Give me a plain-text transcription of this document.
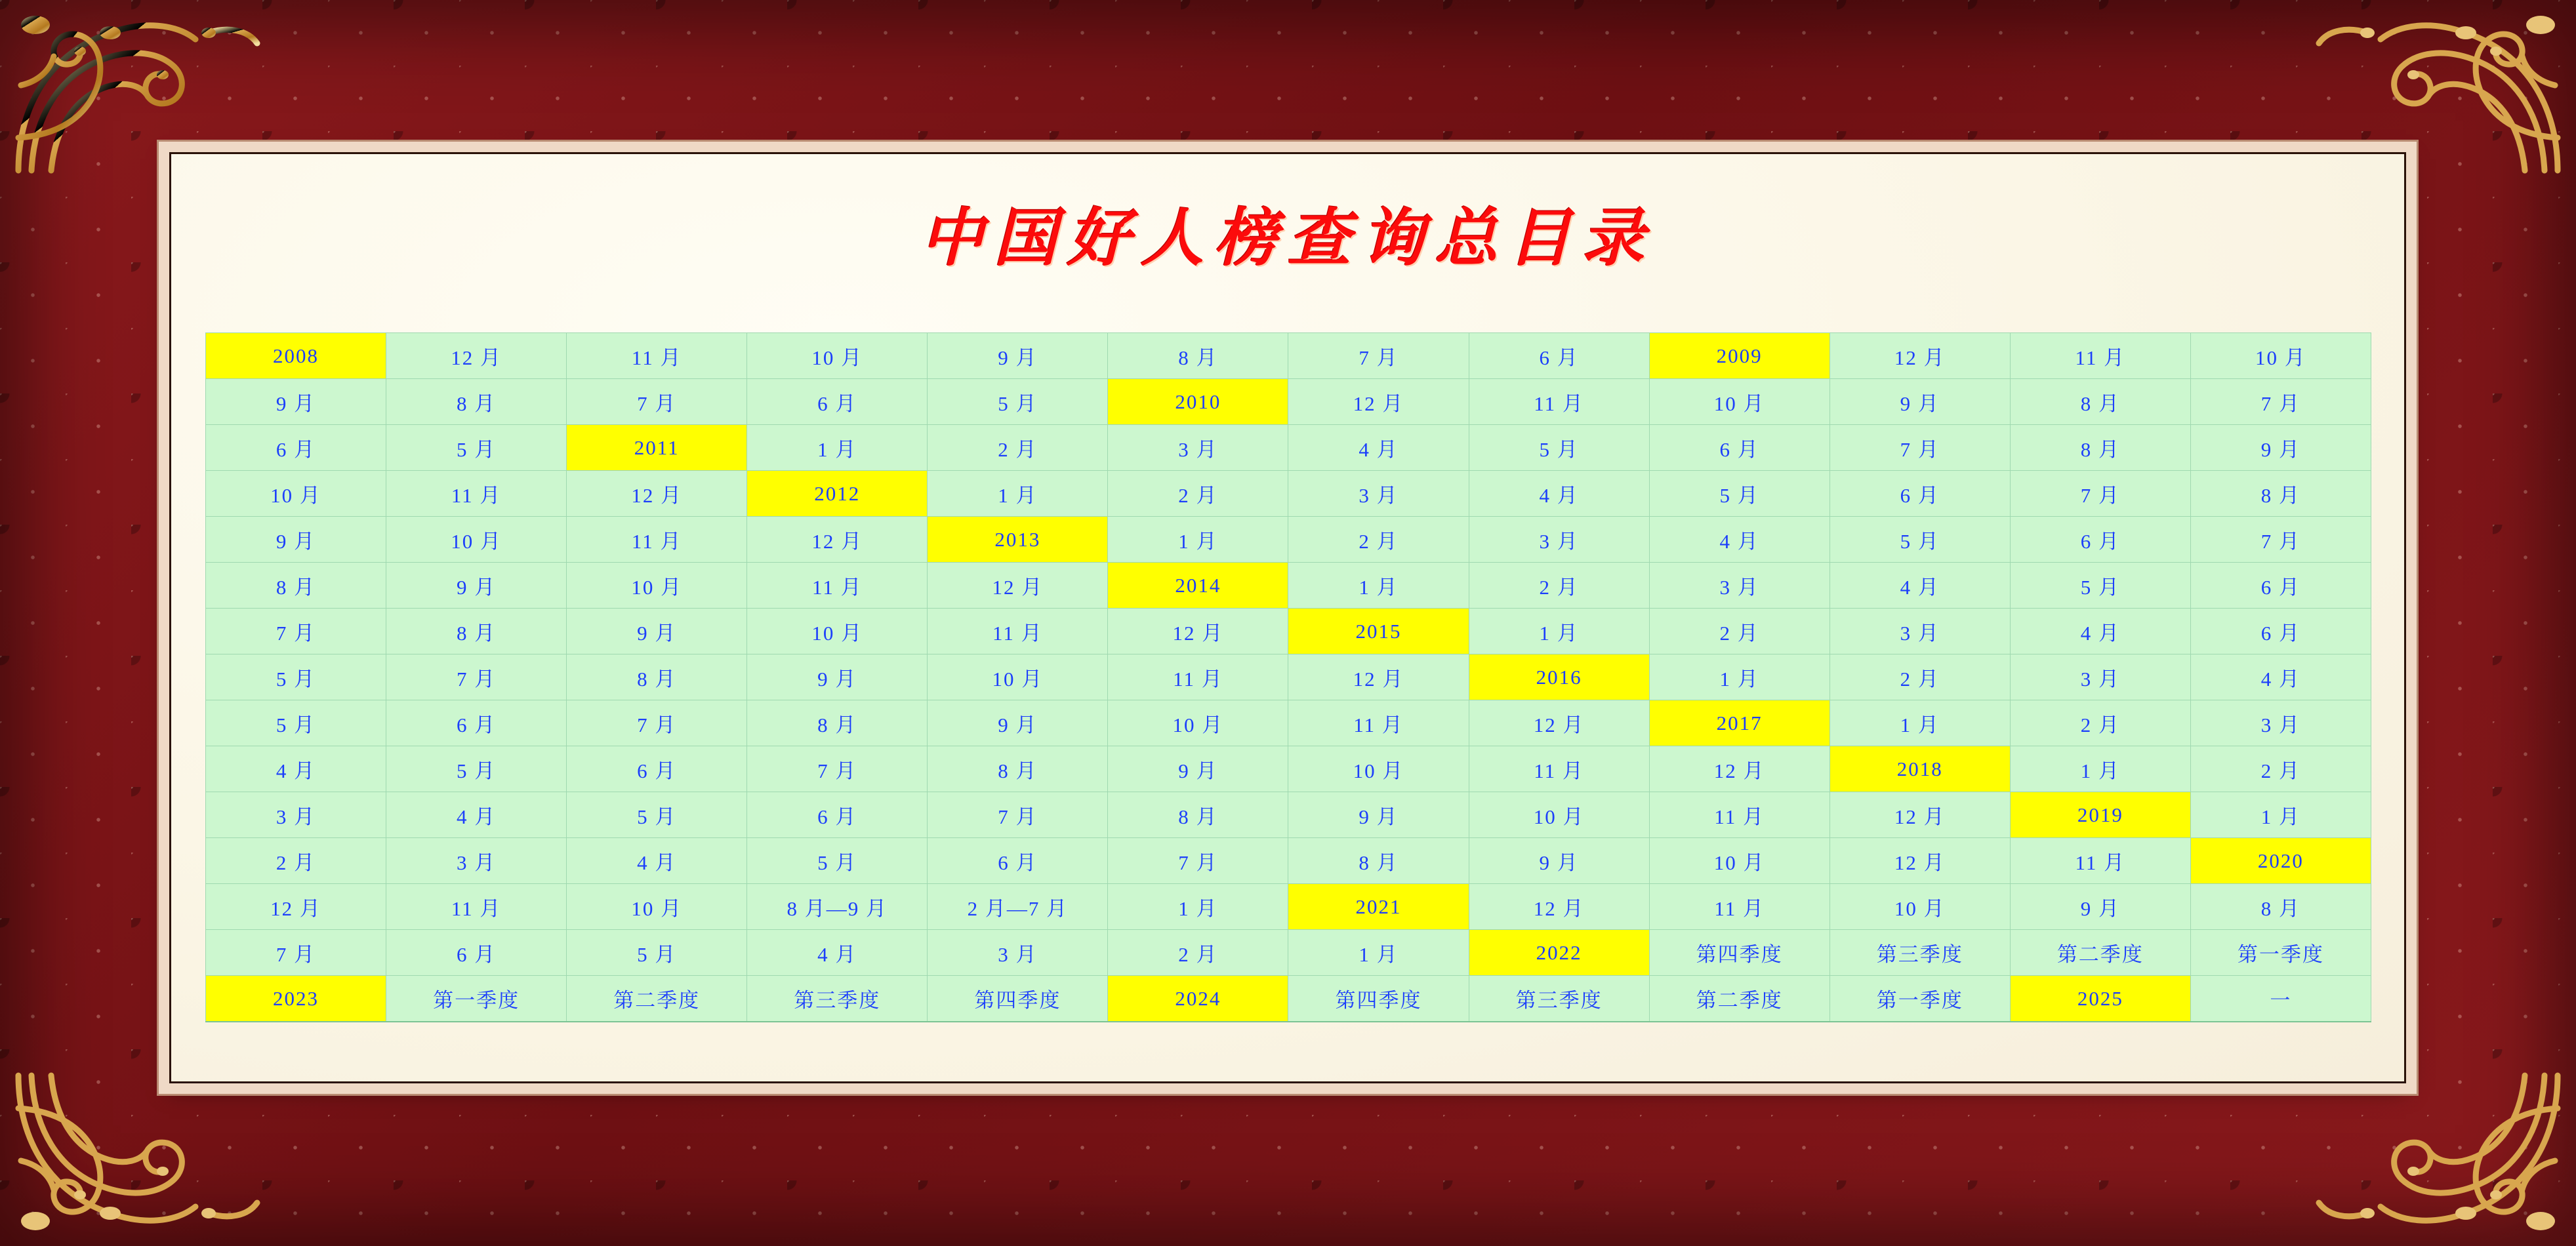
中国好人榜查询总目录
2008	12 月	11 月	10 月	9 月	8 月	7 月	6 月	2009	12 月	11 月	10 月
9 月	8 月	7 月	6 月	5 月	2010	12 月	11 月	10 月	9 月	8 月	7 月
6 月	5 月	2011	1 月	2 月	3 月	4 月	5 月	6 月	7 月	8 月	9 月
10 月	11 月	12 月	2012	1 月	2 月	3 月	4 月	5 月	6 月	7 月	8 月
9 月	10 月	11 月	12 月	2013	1 月	2 月	3 月	4 月	5 月	6 月	7 月
8 月	9 月	10 月	11 月	12 月	2014	1 月	2 月	3 月	4 月	5 月	6 月
7 月	8 月	9 月	10 月	11 月	12 月	2015	1 月	2 月	3 月	4 月	6 月
5 月	7 月	8 月	9 月	10 月	11 月	12 月	2016	1 月	2 月	3 月	4 月
5 月	6 月	7 月	8 月	9 月	10 月	11 月	12 月	2017	1 月	2 月	3 月
4 月	5 月	6 月	7 月	8 月	9 月	10 月	11 月	12 月	2018	1 月	2 月
3 月	4 月	5 月	6 月	7 月	8 月	9 月	10 月	11 月	12 月	2019	1 月
2 月	3 月	4 月	5 月	6 月	7 月	8 月	9 月	10 月	12 月	11 月	2020
12 月	11 月	10 月	8 月—9 月	2 月—7 月	1 月	2021	12 月	11 月	10 月	9 月	8 月
7 月	6 月	5 月	4 月	3 月	2 月	1 月	2022	第四季度	第三季度	第二季度	第一季度
2023	第一季度	第二季度	第三季度	第四季度	2024	第四季度	第三季度	第二季度	第一季度	2025	一
